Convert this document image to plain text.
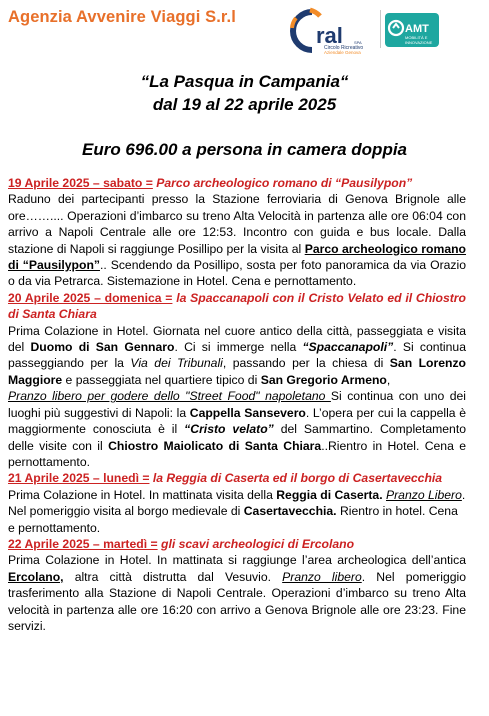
Agenzia Avvenire Viaggi S.r.l
ral	SPA
Circolo Ricreativo
Aziendale Genova
AMT
MOBILITÀ E
INNOVAZIONE
“La Pasqua in Campania“
dal 19 al 22 aprile 2025
Euro 696.00 a persona in camera doppia

19 Aprile 2025 – sabato = Parco archeologico romano di “Pausilypon”

Raduno dei partecipanti presso la Stazione ferroviaria di Genova Brignole alle ore…….... Operazioni d’imbarco su treno Alta Velocità in partenza alle ore 06:04 con arrivo a Napoli Centrale alle ore 12:53. Incontro con guida e bus locale. Dalla stazione di Napoli si raggiunge Posillipo per la visita al Parco archeologico romano di “Pausilypon”.. Scendendo da Posillipo, sosta per foto panoramica da via Orazio o da via Petrarca. Sistemazione in Hotel. Cena e pernottamento.

20 Aprile 2025 – domenica = la Spaccanapoli con il Cristo Velato ed il Chiostro di Santa Chiara

Prima Colazione in Hotel. Giornata nel cuore antico della città, passeggiata e visita del Duomo di San Gennaro. Ci si immerge nella “Spaccanapoli”. Si continua passeggiando per la Via dei Tribunali, passando per la chiesa di San Lorenzo Maggiore e passeggiata nel quartiere tipico di San Gregorio Armeno,

Pranzo libero per godere dello "Street Food" napoletano Si continua con uno dei luoghi più suggestivi di Napoli: la Cappella Sansevero. L’opera per cui la cappella è maggiormente conosciuta è il “Cristo velato” del Sammartino. Completamento delle visite con il Chiostro Maiolicato di Santa Chiara..Rientro in Hotel. Cena e pernottamento.

21 Aprile 2025 – lunedì = la Reggia di Caserta ed il borgo di Casertavecchia

Prima Colazione in Hotel. In mattinata visita della Reggia di Caserta. Pranzo Libero.

Nel pomeriggio visita al borgo medievale di Casertavecchia. Rientro in hotel. Cena e pernottamento.

22 Aprile 2025 – martedì = gli scavi archeologici di Ercolano

Prima Colazione in Hotel. In mattinata si raggiunge l’area archeologica dell’antica Ercolano, altra città distrutta dal Vesuvio. Pranzo libero. Nel pomeriggio trasferimento alla Stazione di Napoli Centrale. Operazioni d’imbarco su treno Alta velocità in partenza alle ore 16:20 con arrivo a Genova Brignole alle ore 23:23. Fine servizi.
